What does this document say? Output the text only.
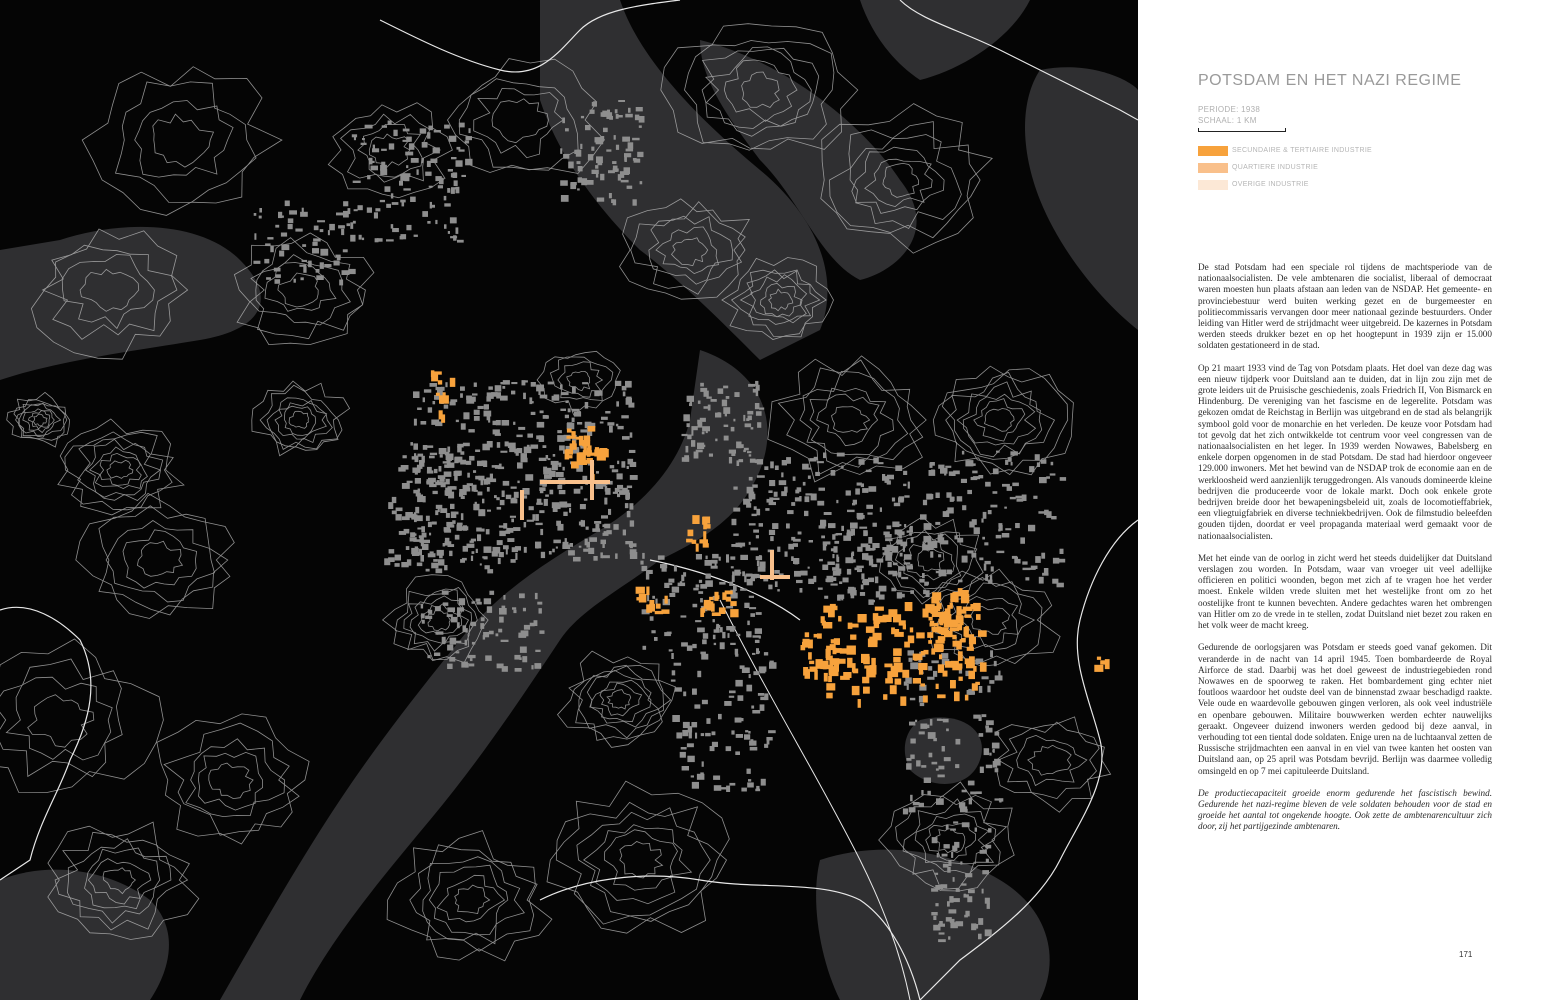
POTSDAM EN HET NAZI REGIME
PERIODE: 1938
SCHAAL: 1 KM
SECUNDAIRE & TERTIAIRE INDUSTRIE
QUARTIERE INDUSTRIE
OVERIGE INDUSTRIE

De stad Potsdam had een speciale rol tijdens de machtsperiode van de nationaalsocialisten. De vele ambtenaren die socialist, liberaal of democraat waren moesten hun plaats afstaan aan leden van de NSDAP. Het gemeente- en provinciebestuur werd buiten werking gezet en de burgemeester en politiecommissaris vervangen door meer nationaal gezinde bestuurders. Onder leiding van Hitler werd de strijdmacht weer uitgebreid. De kazernes in Potsdam werden steeds drukker bezet en op het hoogtepunt in 1939 zijn er 15.000 soldaten gestationeerd in de stad.

Op 21 maart 1933 vind de Tag von Potsdam plaats. Het doel van deze dag was een nieuw tijdperk voor Duitsland aan te duiden, dat in lijn zou zijn met de grote leiders uit de Pruisische geschiedenis, zoals Friedrich II, Von Bismarck en Hindenburg. De vereniging van het fascisme en de legerelite. Potsdam was gekozen omdat de Reichstag in Berlijn was uitgebrand en de stad als belangrijk symbool gold voor de monarchie en het verleden. De keuze voor Potsdam had tot gevolg dat het zich ontwikkelde tot centrum voor veel congressen van de nationaalsocialisten en het leger. In 1939 werden Nowawes, Babelsberg en enkele dorpen opgenomen in de stad Potsdam. De stad had hierdoor ongeveer 129.000 inwoners. Met het bewind van de NSDAP trok de economie aan en de werkloosheid werd aanzienlijk teruggedrongen. Als vanouds domineerde kleine bedrijven die produceerde voor de lokale markt. Doch ook enkele grote bedrijven breide door het bewapeningsbeleid uit, zoals de locomotieffabriek, een vliegtuigfabriek en diverse techniekbedrijven. Ook de filmstudio beleefden gouden tijden, doordat er veel propaganda materiaal werd gemaakt voor de nationaalsocialisten.

Met het einde van de oorlog in zicht werd het steeds duidelijker dat Duitsland verslagen zou worden. In Potsdam, waar van vroeger uit veel adellijke officieren en politici woonden, begon met zich af te vragen hoe het verder moest. Enkele wilden vrede sluiten met het westelijke front om zo het oostelijke front te kunnen bevechten. Andere gedachtes waren het ombrengen van Hitler om zo de vrede in te stellen, zodat Duitsland niet bezet zou raken en het volk weer de macht kreeg.

Gedurende de oorlogsjaren was Potsdam er steeds goed vanaf gekomen. Dit veranderde in de nacht van 14 april 1945. Toen bombardeerde de Royal Airforce de stad. Daarbij was het doel geweest de industriegebieden rond Nowawes en de spoorweg te raken. Het bombardement ging echter niet foutloos waardoor het oudste deel van de binnenstad zwaar beschadigd raakte. Vele oude en waardevolle gebouwen gingen verloren, als ook veel industriële en openbare gebouwen. Militaire bouwwerken werden echter nauwelijks geraakt. Ongeveer duizend inwoners werden gedood bij deze aanval, in verhouding tot een tiental dode soldaten. Enige uren na de luchtaanval zetten de Russische strijdmachten een aanval in en viel van twee kanten het oosten van Duitsland aan, op 25 april was Potsdam bevrijd. Berlijn was daarmee volledig omsingeld en op 7 mei capituleerde Duitsland.

De productiecapaciteit groeide enorm gedurende het fascistisch bewind. Gedurende het nazi-regime bleven de vele soldaten behouden voor de stad en groeide het aantal tot ongekende hoogte. Ook zette de ambtenarencultuur zich door, zij het partijgezinde ambtenaren.

171
